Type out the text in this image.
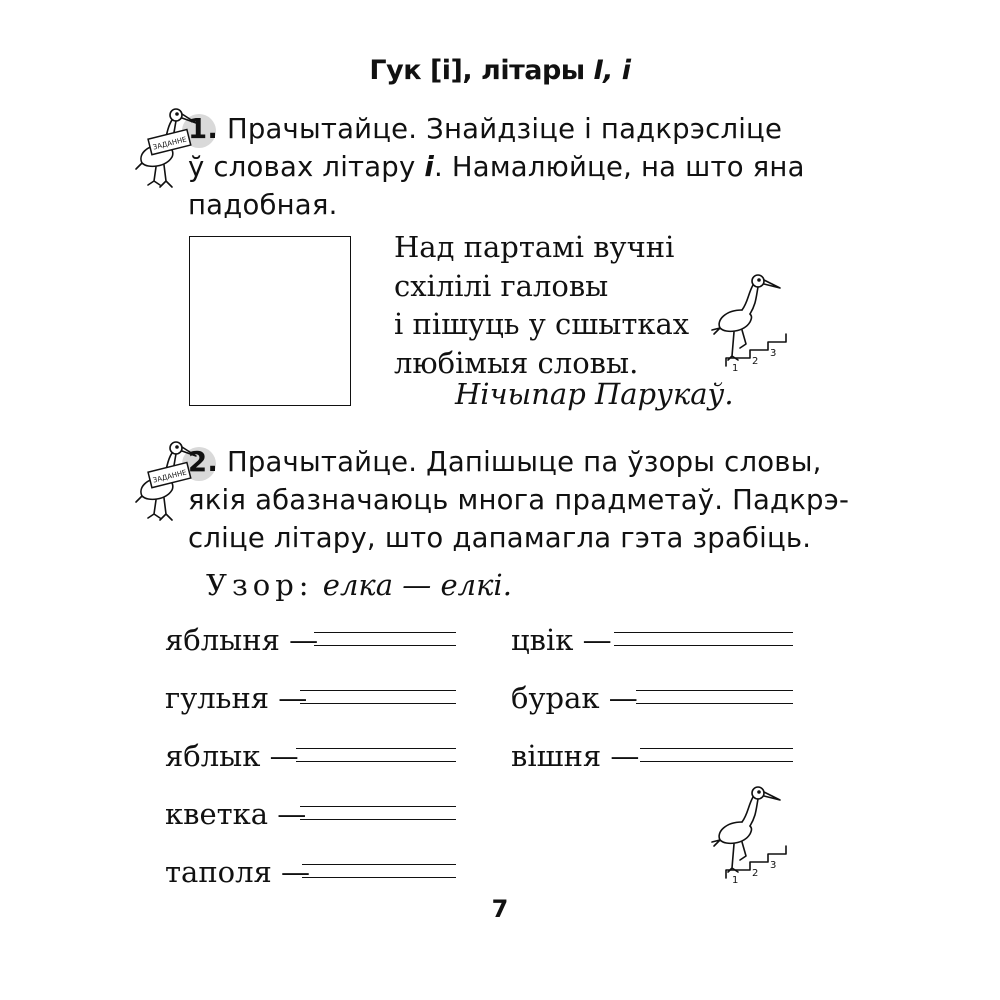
Гук [і], літары І, і
ЗАДАННЕ 1. Прачытайце. Знайдзіце і падкрэсліце
ў словах літару і. Намалюйце, на што яна
падобная.
Над партамі вучні
схілілі галовы
і пішуць у сшытках
любімыя словы.
Нічыпар Парукаў.
1
2
3
ЗАДАННЕ 2. Прачытайце. Дапішыце па ўзоры словы,
якія абазначаюць многа прадметаў. Падкрэ-
сліце літару, што дапамагла гэта зрабіць.
Узор: елка — елкі.
яблыня —
гульня —
яблык —
кветка —
таполя —
цвік —
бурак —
вішня —
1
2
3
7
